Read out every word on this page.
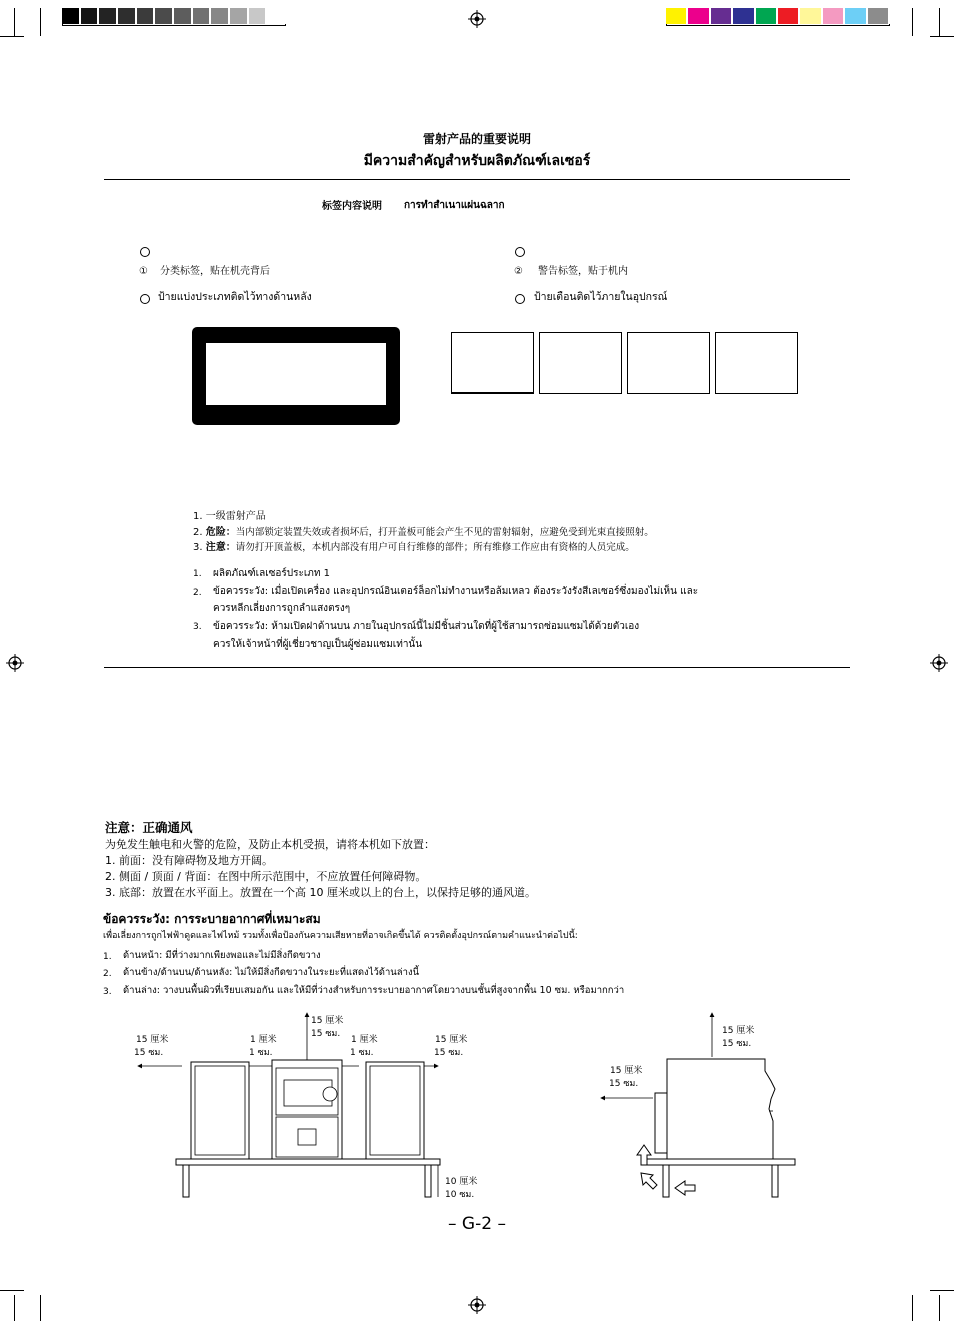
雷射产品的重要说明
มีความสำคัญสำหรับผลิตภัณฑ์เลเซอร์
标签内容说明 การทำสำเนาแผ่นฉลาก
① 分类标签，贴在机壳背后
ป้ายแบ่งประเภทติดไว้ทางด้านหลัง
② 警告标签，贴于机内
ป้ายเตือนติดไว้ภายในอุปกรณ์
1. 一级雷射产品
2. 危险：当内部锁定装置失效或者损坏后，打开盖板可能会产生不见的雷射辐射，应避免受到光束直接照射。
3. 注意：请勿打开顶盖板，本机内部没有用户可自行维修的部件；所有维修工作应由有资格的人员完成。
1. ผลิตภัณฑ์เลเซอร์ประเภท 1
2. ข้อควรระวัง: เมื่อเปิดเครื่อง และอุปกรณ์อินเตอร์ล็อกไม่ทำงานหรือล้มเหลว ต้องระวังรังสีเลเซอร์ซึ่งมองไม่เห็น และ
ควรหลีกเลี่ยงการถูกลำแสงตรงๆ
3. ข้อควรระวัง: ห้ามเปิดฝาด้านบน ภายในอุปกรณ์นี้ไม่มีชิ้นส่วนใดที่ผู้ใช้สามารถซ่อมแซมได้ด้วยตัวเอง
ควรให้เจ้าหน้าที่ผู้เชี่ยวชาญเป็นผู้ซ่อมแซมเท่านั้น
注意：正确通风
为免发生触电和火警的危险，及防止本机受损，请将本机如下放置：
1. 前面：没有障碍物及地方开阔。
2. 侧面 / 顶面 / 背面：在图中所示范围中，不应放置任何障碍物。
3. 底部：放置在水平面上。放置在一个高 10 厘米或以上的台上，以保持足够的通风道。
ข้อควรระวัง: การระบายอากาศที่เหมาะสม
เพื่อเลี่ยงการถูกไฟฟ้าดูดและไฟไหม้ รวมทั้งเพื่อป้องกันความเสียหายที่อาจเกิดขึ้นได้ ควรติดตั้งอุปกรณ์ตามคำแนะนำต่อไปนี้:
1. ด้านหน้า: มีที่ว่างมากเพียงพอและไม่มีสิ่งกีดขวาง
2. ด้านข้าง/ด้านบน/ด้านหลัง: ไม่ให้มีสิ่งกีดขวางในระยะที่แสดงไว้ด้านล่างนี้
3. ด้านล่าง: วางบนพื้นผิวที่เรียบเสมอกัน และให้มีที่ว่างสำหรับการระบายอากาศโดยวางบนชั้นที่สูงจากพื้น 10 ซม. หรือมากกว่า
15 厘米
15 ซม.
1 厘米
1 ซม.
15 厘米
15 ซม.
1 厘米
1 ซม.
15 厘米
15 ซม.
10 厘米
10 ซม.
15 厘米
15 ซม.
15 厘米
15 ซม.
– G-2 –
